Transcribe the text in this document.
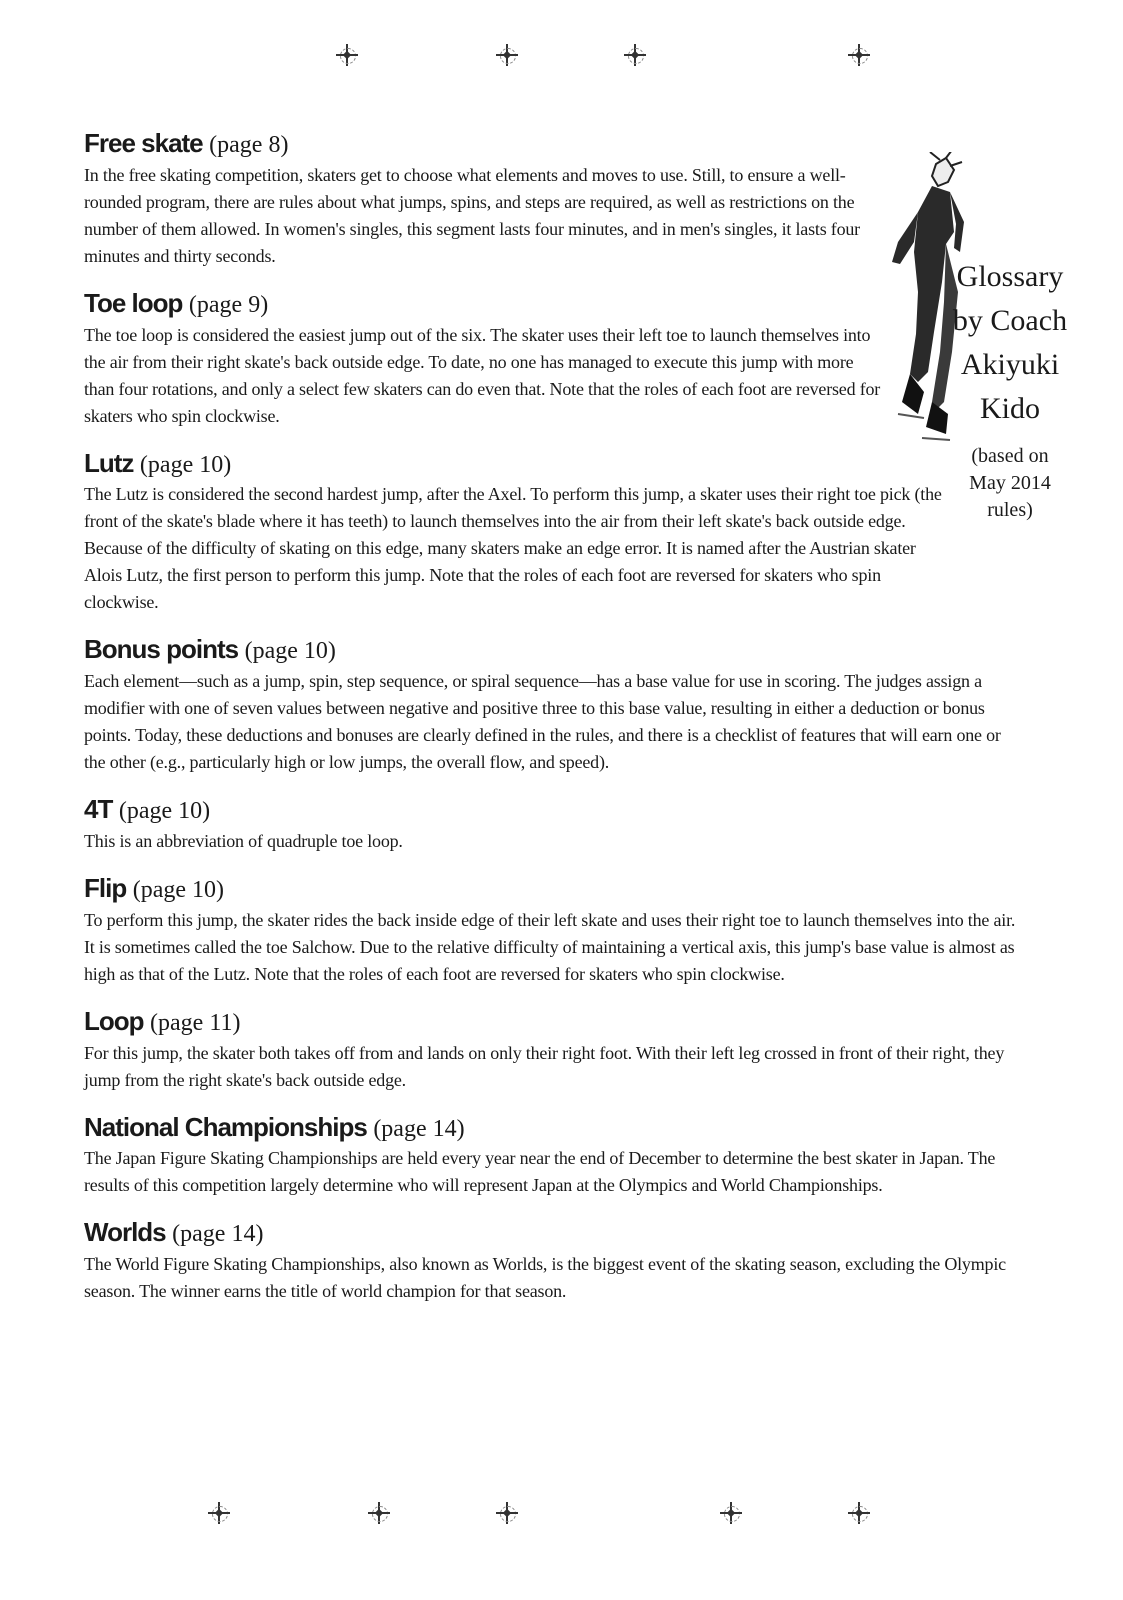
Glossary
by Coach
Akiyuki
Kido
(based on
May 2014
rules)
Free skate (page 8)

In the free skating competition, skaters get to choose what elements and moves to use. Still, to ensure a well-rounded program, there are rules about what jumps, spins, and steps are required, as well as restrictions on the number of them allowed. In women's singles, this segment lasts four minutes, and in men's singles, it lasts four minutes and thirty seconds.

Toe loop (page 9)

The toe loop is considered the easiest jump out of the six. The skater uses their left toe to launch themselves into the air from their right skate's back outside edge. To date, no one has managed to execute this jump with more than four rotations, and only a select few skaters can do even that. Note that the roles of each foot are reversed for skaters who spin clockwise.

Lutz (page 10)

The Lutz is considered the second hardest jump, after the Axel. To perform this jump, a skater uses their right toe pick (the front of the skate's blade where it has teeth) to launch themselves into the air from their left skate's back outside edge. Because of the difficulty of skating on this edge, many skaters make an edge error. It is named after the Austrian skater Alois Lutz, the first person to perform this jump. Note that the roles of each foot are reversed for skaters who spin clockwise.

Bonus points (page 10)

Each element—such as a jump, spin, step sequence, or spiral sequence—has a base value for use in scoring. The judges assign a modifier with one of seven values between negative and positive three to this base value, resulting in either a deduction or bonus points. Today, these deductions and bonuses are clearly defined in the rules, and there is a checklist of features that will earn one or the other (e.g., particularly high or low jumps, the overall flow, and speed).

4T (page 10)

This is an abbreviation of quadruple toe loop.

Flip (page 10)

To perform this jump, the skater rides the back inside edge of their left skate and uses their right toe to launch themselves into the air. It is sometimes called the toe Salchow. Due to the relative difficulty of maintaining a vertical axis, this jump's base value is almost as high as that of the Lutz. Note that the roles of each foot are reversed for skaters who spin clockwise.

Loop (page 11)

For this jump, the skater both takes off from and lands on only their right foot. With their left leg crossed in front of their right, they jump from the right skate's back outside edge.

National Championships (page 14)

The Japan Figure Skating Championships are held every year near the end of December to determine the best skater in Japan. The results of this competition largely determine who will represent Japan at the Olympics and World Championships.

Worlds (page 14)

The World Figure Skating Championships, also known as Worlds, is the biggest event of the skating season, excluding the Olympic season. The winner earns the title of world champion for that season.
